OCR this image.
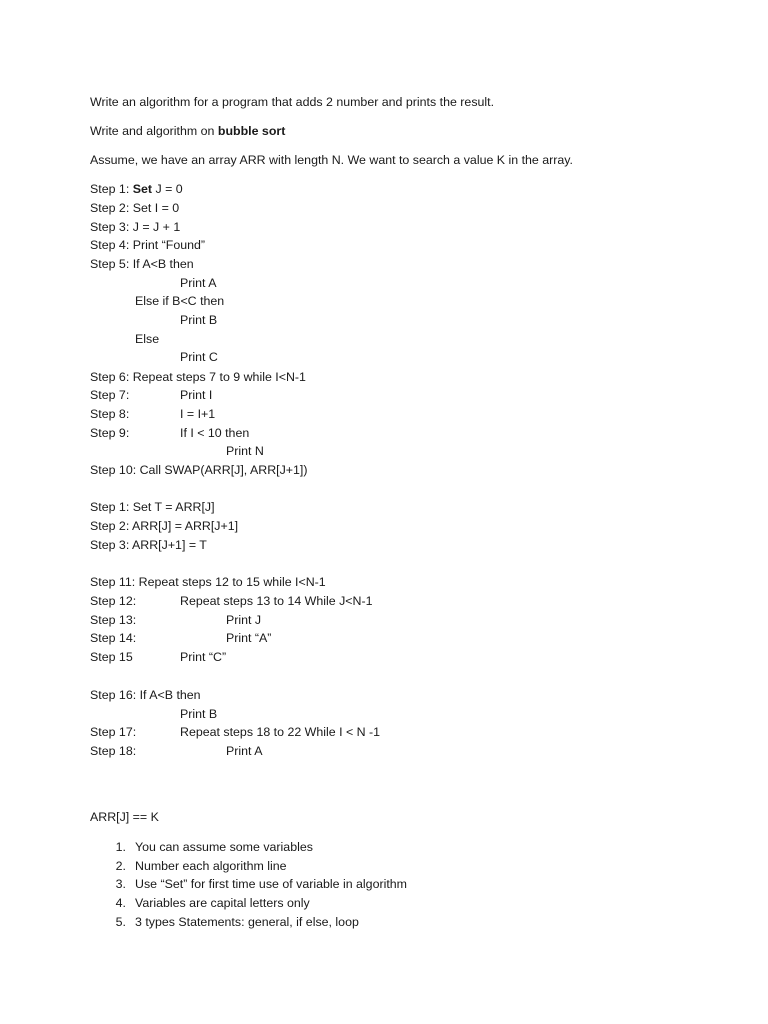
Write an algorithm for a program that adds 2 number and prints the result.

Write and algorithm on bubble sort

Assume, we have an array ARR with length N. We want to search a value K in the array.

Step 1: Set J = 0
Step 2: Set I = 0
Step 3: J = J + 1
Step 4: Print “Found”
Step 5: If A<B then
Print A
Else if B<C then
Print B
Else
Print C
Step 6: Repeat steps 7 to 9 while I<N-1
Step 7:	Print I
Step 8:	I = I+1
Step 9:	If I < 10 then
Print N
Step 10: Call SWAP(ARR[J], ARR[J+1])
Step 1: Set T = ARR[J]
Step 2: ARR[J] = ARR[J+1]
Step 3: ARR[J+1] = T
Step 11: Repeat steps 12 to 15 while I<N-1
Step 12:	Repeat steps 13 to 14 While J<N-1
Step 13:	Print J
Step 14:	Print “A”
Step 15	Print “C”
Step 16: If A<B then
Print B
Step 17:	Repeat steps 18 to 22 While I < N -1
Step 18:	Print A
ARR[J] == K
1. You can assume some variables
2. Number each algorithm line
3. Use “Set” for first time use of variable in algorithm
4. Variables are capital letters only
5. 3 types Statements: general, if else, loop
